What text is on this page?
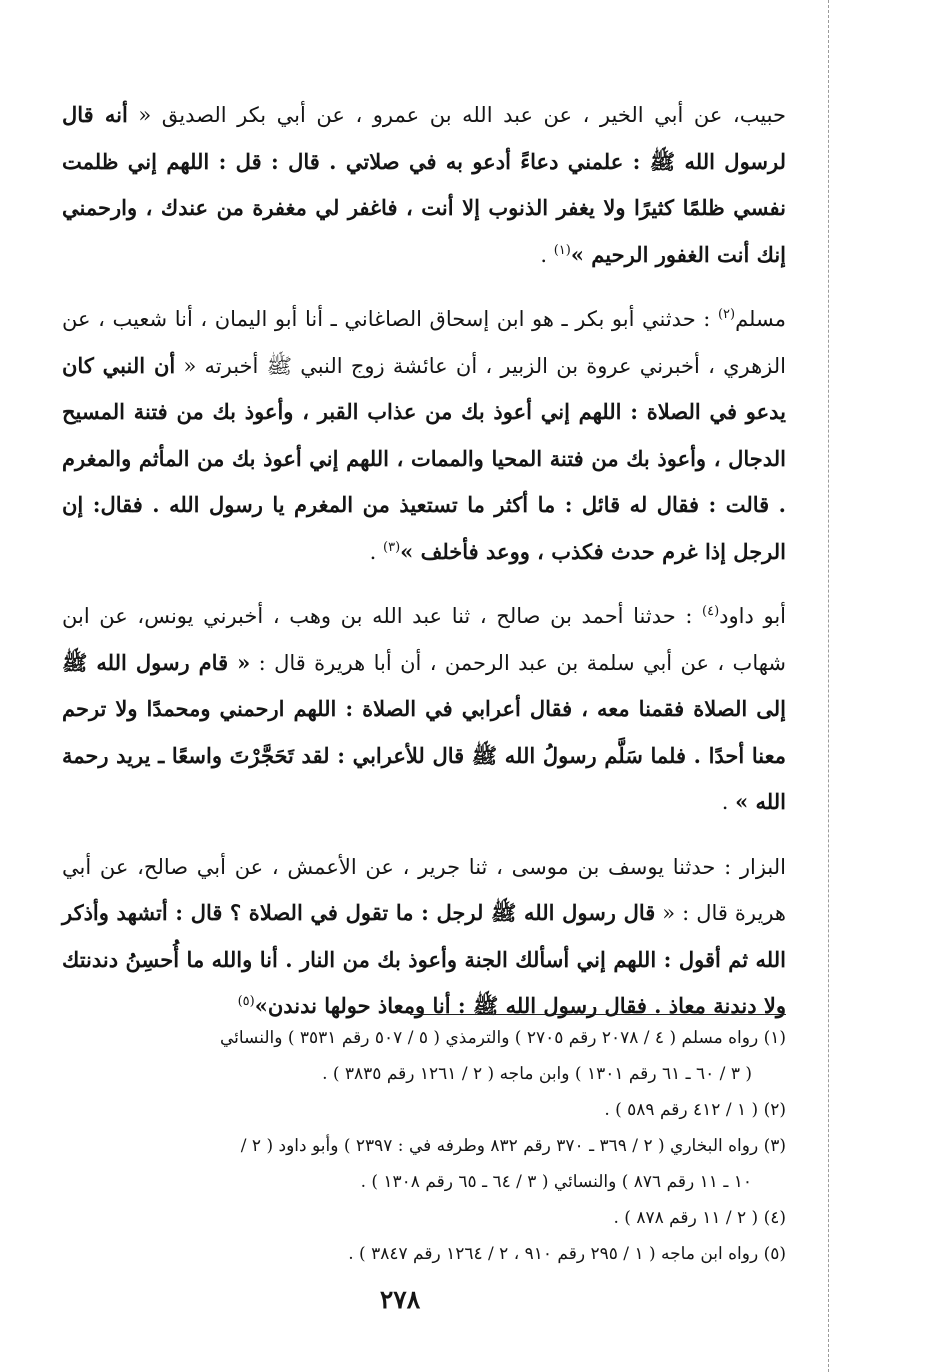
حبيب، عن أبي الخير ، عن عبد الله بن عمرو ، عن أبي بكر الصديق « أنه قال لرسول الله ﷺ : علمني دعاءً أدعو به في صلاتي . قال : قل : اللهم إني ظلمت نفسي ظلمًا كثيرًا ولا يغفر الذنوب إلا أنت ، فاغفر لي مغفرة من عندك ، وارحمني إنك أنت الغفور الرحيم »$^{(١)}$ .

مسلم$^{(٢)}$ : حدثني أبو بكر ـ هو ابن إسحاق الصاغاني ـ أنا أبو اليمان ، أنا شعيب ، عن الزهري ، أخبرني عروة بن الزبير ، أن عائشة زوج النبي ﷺ أخبرته « أن النبي كان يدعو في الصلاة : اللهم إني أعوذ بك من عذاب القبر ، وأعوذ بك من فتنة المسيح الدجال ، وأعوذ بك من فتنة المحيا والممات ، اللهم إني أعوذ بك من المأثم والمغرم . قالت : فقال له قائل : ما أكثر ما تستعيذ من المغرم يا رسول الله . فقال: إن الرجل إذا غرم حدث فكذب ، ووعد فأخلف »$^{(٣)}$ .

أبو داود$^{(٤)}$ : حدثنا أحمد بن صالح ، ثنا عبد الله بن وهب ، أخبرني يونس، عن ابن شهاب ، عن أبي سلمة بن عبد الرحمن ، أن أبا هريرة قال : « قام رسول الله ﷺ إلى الصلاة فقمنا معه ، فقال أعرابي في الصلاة : اللهم ارحمني ومحمدًا ولا ترحم معنا أحدًا . فلما سَلَّم رسولُ الله ﷺ قال للأعرابي : لقد تَحَجَّرْتَ واسعًا ـ يريد رحمة الله » .

البزار : حدثنا يوسف بن موسى ، ثنا جرير ، عن الأعمش ، عن أبي صالح، عن أبي هريرة قال : « قال رسول الله ﷺ لرجل : ما تقول في الصلاة ؟ قال : أتشهد وأذكر الله ثم أقول : اللهم إني أسألك الجنة وأعوذ بك من النار . أنا والله ما أُحسِنُ دندنتك ولا دندنة معاذ . فقال رسول الله ﷺ : أنا ومعاذ حولها ندندن»$^{(٥)}$

(١) رواه مسلم ( ٤ / ٢٠٧٨ رقم ٢٧٠٥ ) والترمذي ( ٥ / ٥٠٧ رقم ٣٥٣١ ) والنسائي
( ٣ / ٦٠ ـ ٦١ رقم ١٣٠١ ) وابن ماجه ( ٢ / ١٢٦١ رقم ٣٨٣٥ ) .

(٢) ( ١ / ٤١٢ رقم ٥٨٩ ) .

(٣) رواه البخاري ( ٢ / ٣٦٩ ـ ٣٧٠ رقم ٨٣٢ وطرفه في : ٢٣٩٧ ) وأبو داود ( ٢ /
١٠ ـ ١١ رقم ٨٧٦ ) والنسائي ( ٣ / ٦٤ ـ ٦٥ رقم ١٣٠٨ ) .

(٤) ( ٢ / ١١ رقم ٨٧٨ ) .

(٥) رواه ابن ماجه ( ١ / ٢٩٥ رقم ٩١٠ ، ٢ / ١٢٦٤ رقم ٣٨٤٧ ) .

٢٧٨
